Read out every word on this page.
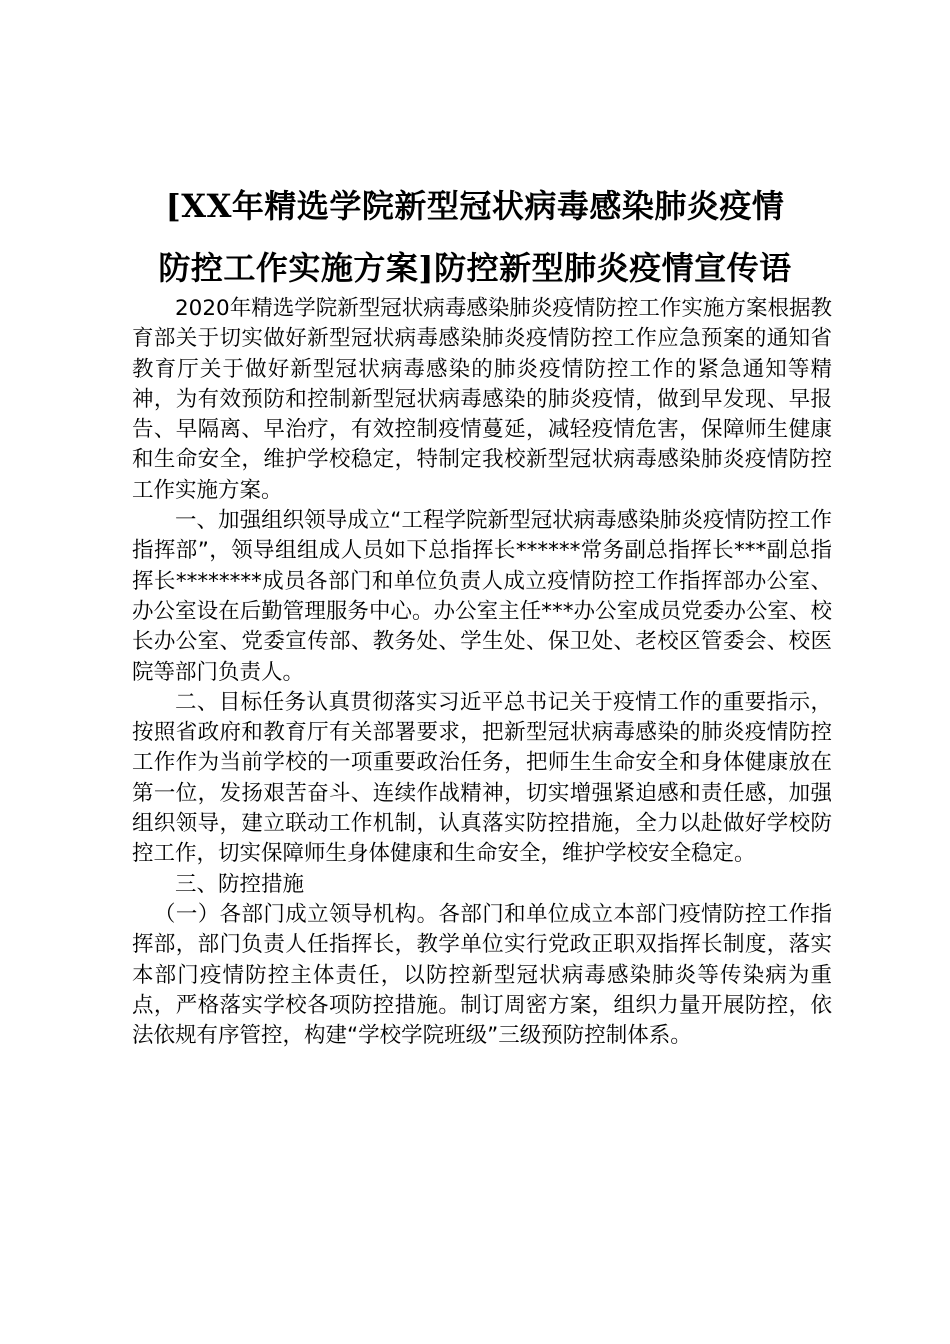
[XX年精选学院新型冠状病毒感染肺炎疫情
防控工作实施方案]防控新型肺炎疫情宣传语

2020年精选学院新型冠状病毒感染肺炎疫情防控工作实施方案根据教育部关于切实做好新型冠状病毒感染肺炎疫情防控工作应急预案的通知省教育厅关于做好新型冠状病毒感染的肺炎疫情防控工作的紧急通知等精神，为有效预防和控制新型冠状病毒感染的肺炎疫情，做到早发现、早报告、早隔离、早治疗，有效控制疫情蔓延，减轻疫情危害，保障师生健康和生命安全，维护学校稳定，特制定我校新型冠状病毒感染肺炎疫情防控工作实施方案。

一、加强组织领导成立“工程学院新型冠状病毒感染肺炎疫情防控工作指挥部”，领导组组成人员如下总指挥长******常务副总指挥长***副总指挥长********成员各部门和单位负责人成立疫情防控工作指挥部办公室、办公室设在后勤管理服务中心。办公室主任***办公室成员党委办公室、校长办公室、党委宣传部、教务处、学生处、保卫处、老校区管委会、校医院等部门负责人。

二、目标任务认真贯彻落实习近平总书记关于疫情工作的重要指示，按照省政府和教育厅有关部署要求，把新型冠状病毒感染的肺炎疫情防控工作作为当前学校的一项重要政治任务，把师生生命安全和身体健康放在第一位，发扬艰苦奋斗、连续作战精神，切实增强紧迫感和责任感，加强组织领导，建立联动工作机制，认真落实防控措施，全力以赴做好学校防控工作，切实保障师生身体健康和生命安全，维护学校安全稳定。

三、防控措施

（一）各部门成立领导机构。各部门和单位成立本部门疫情防控工作指挥部，部门负责人任指挥长，教学单位实行党政正职双指挥长制度，落实本部门疫情防控主体责任，以防控新型冠状病毒感染肺炎等传染病为重点，严格落实学校各项防控措施。制订周密方案，组织力量开展防控，依法依规有序管控，构建“学校学院班级”三级预防控制体系。
